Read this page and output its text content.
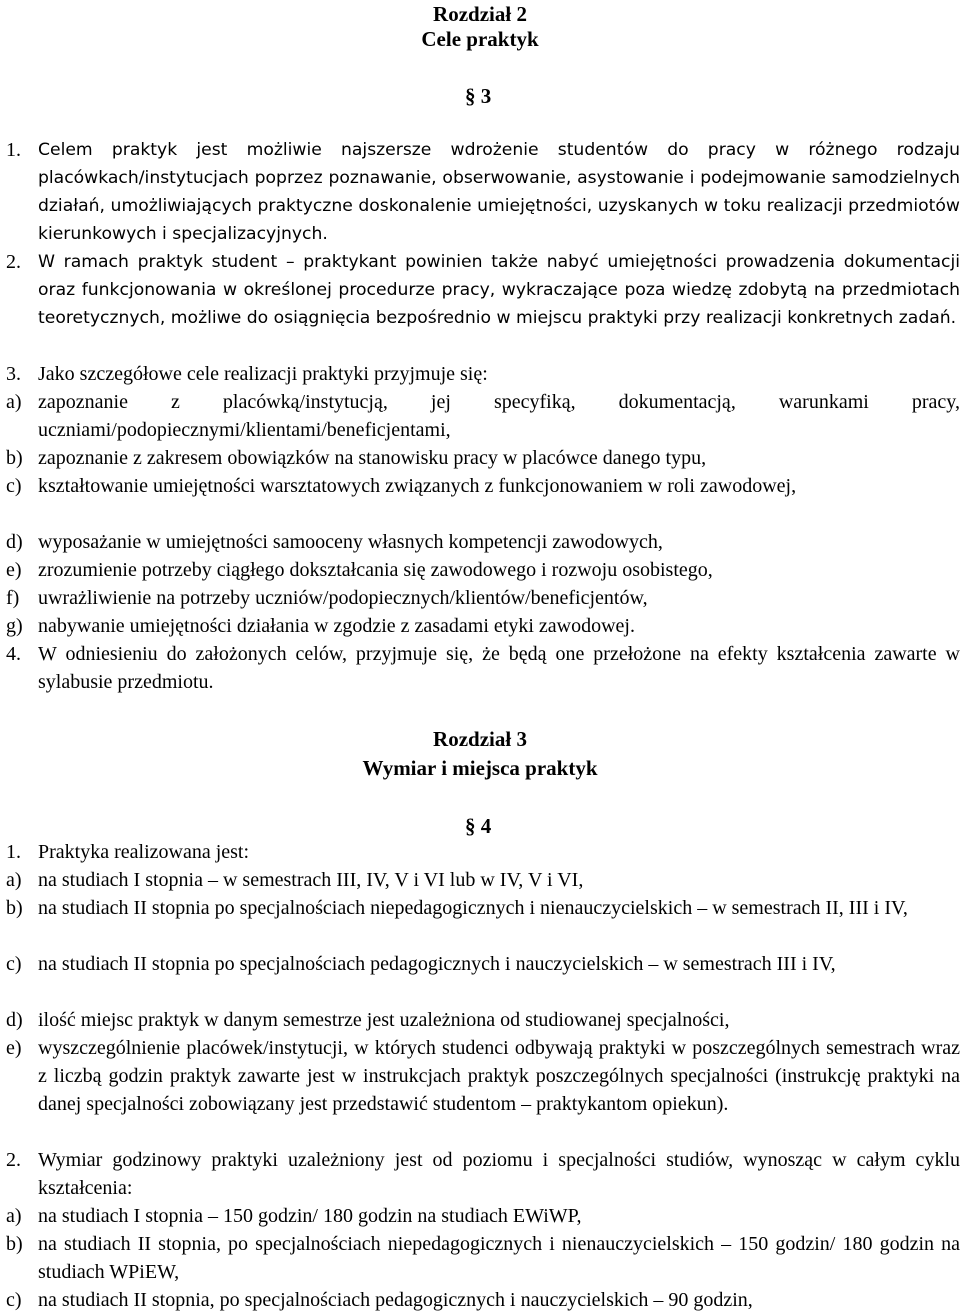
Rozdział 2
Cele praktyk
§ 3
1. Celem praktyk jest możliwie najszersze wdrożenie studentów do pracy w różnego rodzaju placówkach/instytucjach poprzez poznawanie, obserwowanie, asystowanie i podejmowanie samodzielnych działań, umożliwiających praktyczne doskonalenie umiejętności, uzyskanych w toku realizacji przedmiotów kierunkowych i specjalizacyjnych.
2. W ramach praktyk student – praktykant powinien także nabyć umiejętności prowadzenia dokumentacji oraz funkcjonowania w określonej procedurze pracy, wykraczające poza wiedzę zdobytą na przedmiotach teoretycznych, możliwe do osiągnięcia bezpośrednio w miejscu praktyki przy realizacji konkretnych zadań.
3. Jako szczegółowe cele realizacji praktyki przyjmuje się:
a) zapoznanie z placówką/instytucją, jej specyfiką, dokumentacją, warunkami pracy, uczniami/podopiecznymi/klientami/beneficjentami,
b) zapoznanie z zakresem obowiązków na stanowisku pracy w placówce danego typu,
c) kształtowanie umiejętności warsztatowych związanych z funkcjonowaniem w roli zawodowej,
d) wyposażanie w umiejętności samooceny własnych kompetencji zawodowych,
e) zrozumienie potrzeby ciągłego dokształcania się zawodowego i rozwoju osobistego,
f) uwrażliwienie na potrzeby uczniów/podopiecznych/klientów/beneficjentów,
g) nabywanie umiejętności działania w zgodzie z zasadami etyki zawodowej.
4. W odniesieniu do założonych celów, przyjmuje się, że będą one przełożone na efekty kształcenia zawarte w sylabusie przedmiotu.
Rozdział 3
Wymiar i miejsca praktyk
§ 4
1. Praktyka realizowana jest:
a) na studiach I stopnia – w semestrach III, IV, V i VI lub w IV, V i VI,
b) na studiach II stopnia po specjalnościach niepedagogicznych i nienauczycielskich – w semestrach II, III i IV,
c) na studiach II stopnia po specjalnościach pedagogicznych i nauczycielskich – w semestrach III i IV,
d) ilość miejsc praktyk w danym semestrze jest uzależniona od studiowanej specjalności,
e) wyszczególnienie placówek/instytucji, w których studenci odbywają praktyki w poszczególnych semestrach wraz z liczbą godzin praktyk zawarte jest w instrukcjach praktyk poszczególnych specjalności (instrukcję praktyki na danej specjalności zobowiązany jest przedstawić studentom – praktykantom opiekun).
2. Wymiar godzinowy praktyki uzależniony jest od poziomu i specjalności studiów, wynosząc w całym cyklu kształcenia:
a) na studiach I stopnia – 150 godzin/ 180 godzin na studiach EWiWP,
b) na studiach II stopnia, po specjalnościach niepedagogicznych i nienauczycielskich – 150 godzin/ 180 godzin na studiach WPiEW,
c) na studiach II stopnia, po specjalnościach pedagogicznych i nauczycielskich – 90 godzin,
